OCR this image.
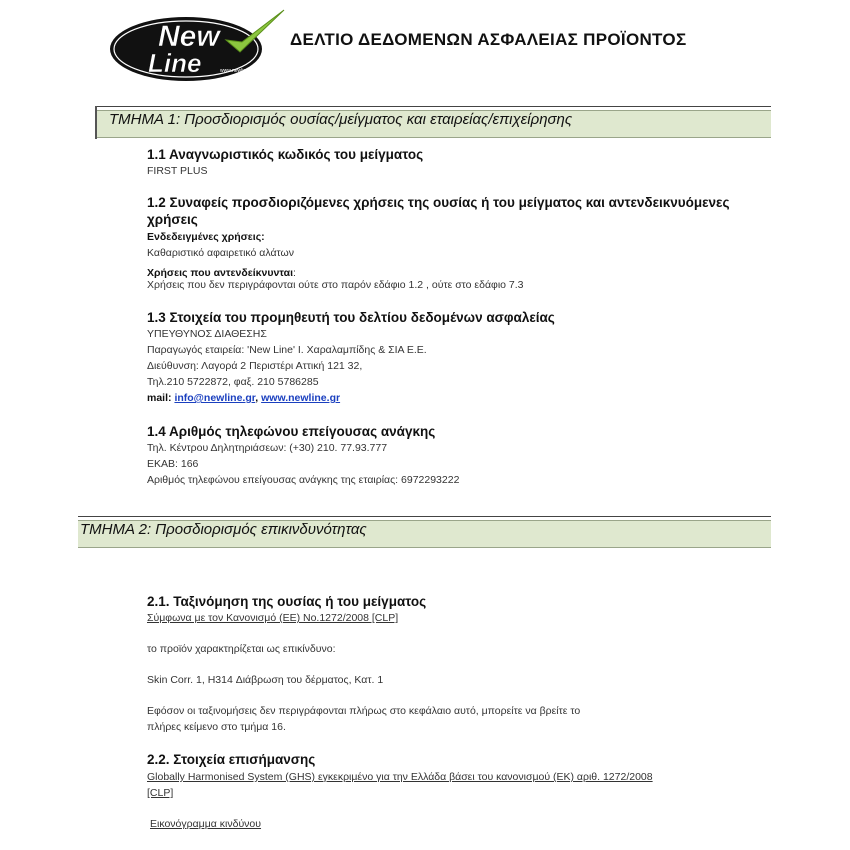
New
Line	www.newline.gr
ΔΕΛΤΙΟ ΔΕΔΟΜΕΝΩΝ ΑΣΦΑΛΕΙΑΣ ΠΡΟΪΟΝΤΟΣ
ΤΜΗΜΑ 1: Προσδιορισμός ουσίας/μείγματος και εταιρείας/επιχείρησης
1.1 Αναγνωριστικός κωδικός του μείγματος
FIRST PLUS
1.2 Συναφείς προσδιοριζόμενες χρήσεις της ουσίας ή του μείγματος και αντενδεικνυόμενες
χρήσεις
Ενδεδειγμένες χρήσεις:
Καθαριστικό αφαιρετικό αλάτων
Χρήσεις που αντενδείκνυνται:
Χρήσεις που δεν περιγράφονται ούτε στο παρόν εδάφιο 1.2 , ούτε στο εδάφιο 7.3
1.3 Στοιχεία του προμηθευτή του δελτίου δεδομένων ασφαλείας
ΥΠΕΥΘΥΝΟΣ ΔΙΑΘΕΣΗΣ
Παραγωγός εταιρεία: 'New Line' Ι. Χαραλαμπίδης & ΣΙΑ Ε.Ε.
Διεύθυνση: Λαγορά 2 Περιστέρι Αττική 121 32,
Τηλ.210 5722872, φαξ. 210 5786285
mail: info@newline.gr, www.newline.gr
1.4 Αριθμός τηλεφώνου επείγουσας ανάγκης
Τηλ. Κέντρου Δηλητηριάσεων: (+30) 210. 77.93.777
ΕΚΑΒ: 166
Αριθμός τηλεφώνου επείγουσας ανάγκης της εταιρίας: 6972293222
ΤΜΗΜΑ 2: Προσδιορισμός επικινδυνότητας
2.1. Ταξινόμηση της ουσίας ή του μείγματος
Σύμφωνα με τον Κανονισμό (ΕΕ) No.1272/2008 [CLP]
το προϊόν χαρακτηρίζεται ως επικίνδυνο:
Skin Corr. 1, H314 Διάβρωση του δέρματος, Κατ. 1
Εφόσον οι ταξινομήσεις δεν περιγράφονται πλήρως στο κεφάλαιο αυτό, μπορείτε να βρείτε το
πλήρες κείμενο στο τμήμα 16.
2.2. Στοιχεία επισήμανσης
Globally Harmonised System (GHS) εγκεκριμένο για την Ελλάδα βάσει του κανονισμού (ΕΚ) αριθ. 1272/2008
[CLP]
Εικονόγραμμα κινδύνου
